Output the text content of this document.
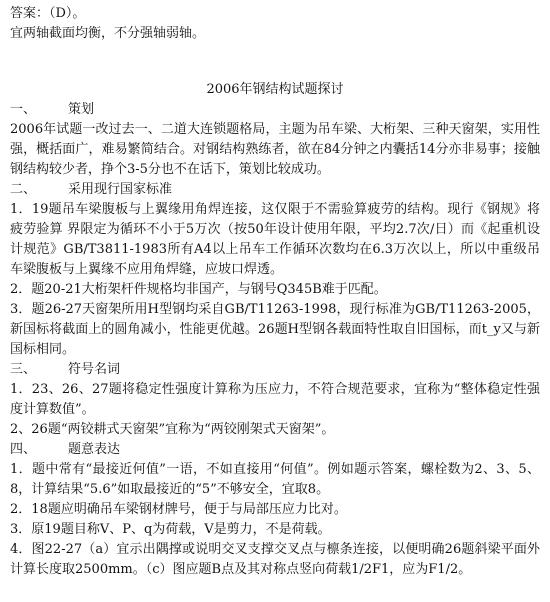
答案：（D）。

宜两轴截面均衡，不分强轴弱轴。

2006年钢结构试题探讨

一、 策划

2006年试题一改过去一、二道大连锁题格局，主题为吊车梁、大桁架、三种天窗架，实用性强，概括面广，难易繁简结合。对钢结构熟练者，欲在84分钟之内囊括14分亦非易事；接触钢结构较少者，挣个3-5分也不在话下，策划比较成功。

二、 采用现行国家标准

1．19题吊车梁腹板与上翼缘用角焊连接，这仅限于不需验算疲劳的结构。现行《钢规》将疲劳验算 界限定为循环不小于5万次（按50年设计使用年限，平均2.7次/日）而《起重机设计规范》GB/T3811-1983所有A4以上吊车工作循环次数均在6.3万次以上，所以中重级吊车梁腹板与上翼缘不应用角焊缝，应坡口焊透。

2．题20-21大桁架杆件规格均非国产，与钢号Q345B难于匹配。

3．题26-27天窗架所用H型钢均采自GB/T11263-1998，现行标准为GB/T11263-2005，新国标将截面上的圆角减小，性能更优越。26题H型钢各载面特性取自旧国标，而t_y又与新国标相同。

三、 符号名词

1．23、26、27题将稳定性强度计算称为压应力，不符合规范要求，宜称为“整体稳定性强度计算数值”。

2、26题“两铰耕式天窗架”宜称为“两铰刚架式天窗架”。

四、 题意表达

1．题中常有“最接近何值”一语，不如直接用“何值”。例如题示答案，螺栓数为2、3、5、8，计算结果“5.6”如取最接近的“5”不够安全，宜取8。

2．18题应明确吊车梁钢材牌号，便于与局部压应力比对。

3．原19题目称V、P、q为荷载，V是剪力，不是荷载。

4．图22-27（a）宜示出隅撑或说明交叉支撑交叉点与檩条连接，以便明确26题斜梁平面外计算长度取2500mm。（c）图应题B点及其对称点竖向荷载1/2F1，应为F1/2。
